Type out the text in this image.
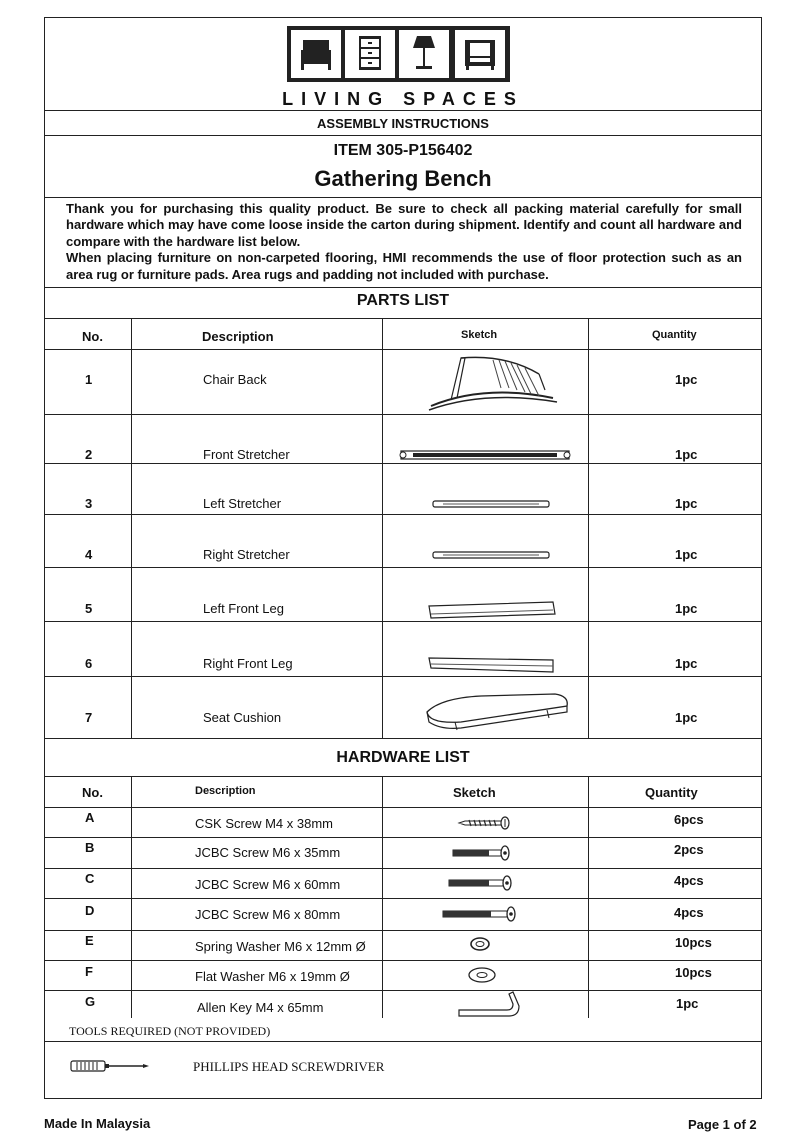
LIVING SPACES
ASSEMBLY INSTRUCTIONS
ITEM 305-P156402
Gathering Bench

Thank you for purchasing this quality product. Be sure to check all packing material carefully for small hardware which may have come loose inside the carton during shipment. Identify and count all hardware and compare with the hardware list below.

When placing furniture on non-carpeted flooring, HMI recommends the use of floor protection such as an area rug or furniture pads. Area rugs and padding not included with purchase.

PARTS LIST
No.	Description	Sketch	Quantity
1	Chair Back	1pc
2	Front Stretcher	1pc
3	Left Stretcher	1pc
4	Right Stretcher	1pc
5	Left Front Leg	1pc
6	Right Front Leg	1pc
7	Seat Cushion	1pc
HARDWARE LIST
No.	Description	Sketch	Quantity
A	CSK Screw M4 x 38mm	6pcs
B	JCBC Screw M6 x 35mm	2pcs
C	JCBC Screw M6 x 60mm	4pcs
D	JCBC Screw M6 x 80mm	4pcs
E	Spring Washer M6 x 12mm Ø	10pcs
F	Flat Washer M6 x 19mm Ø	10pcs
G	Allen Key M4 x 65mm	1pc
TOOLS REQUIRED (NOT PROVIDED)
PHILLIPS HEAD SCREWDRIVER
Made In Malaysia	Page 1 of 2
